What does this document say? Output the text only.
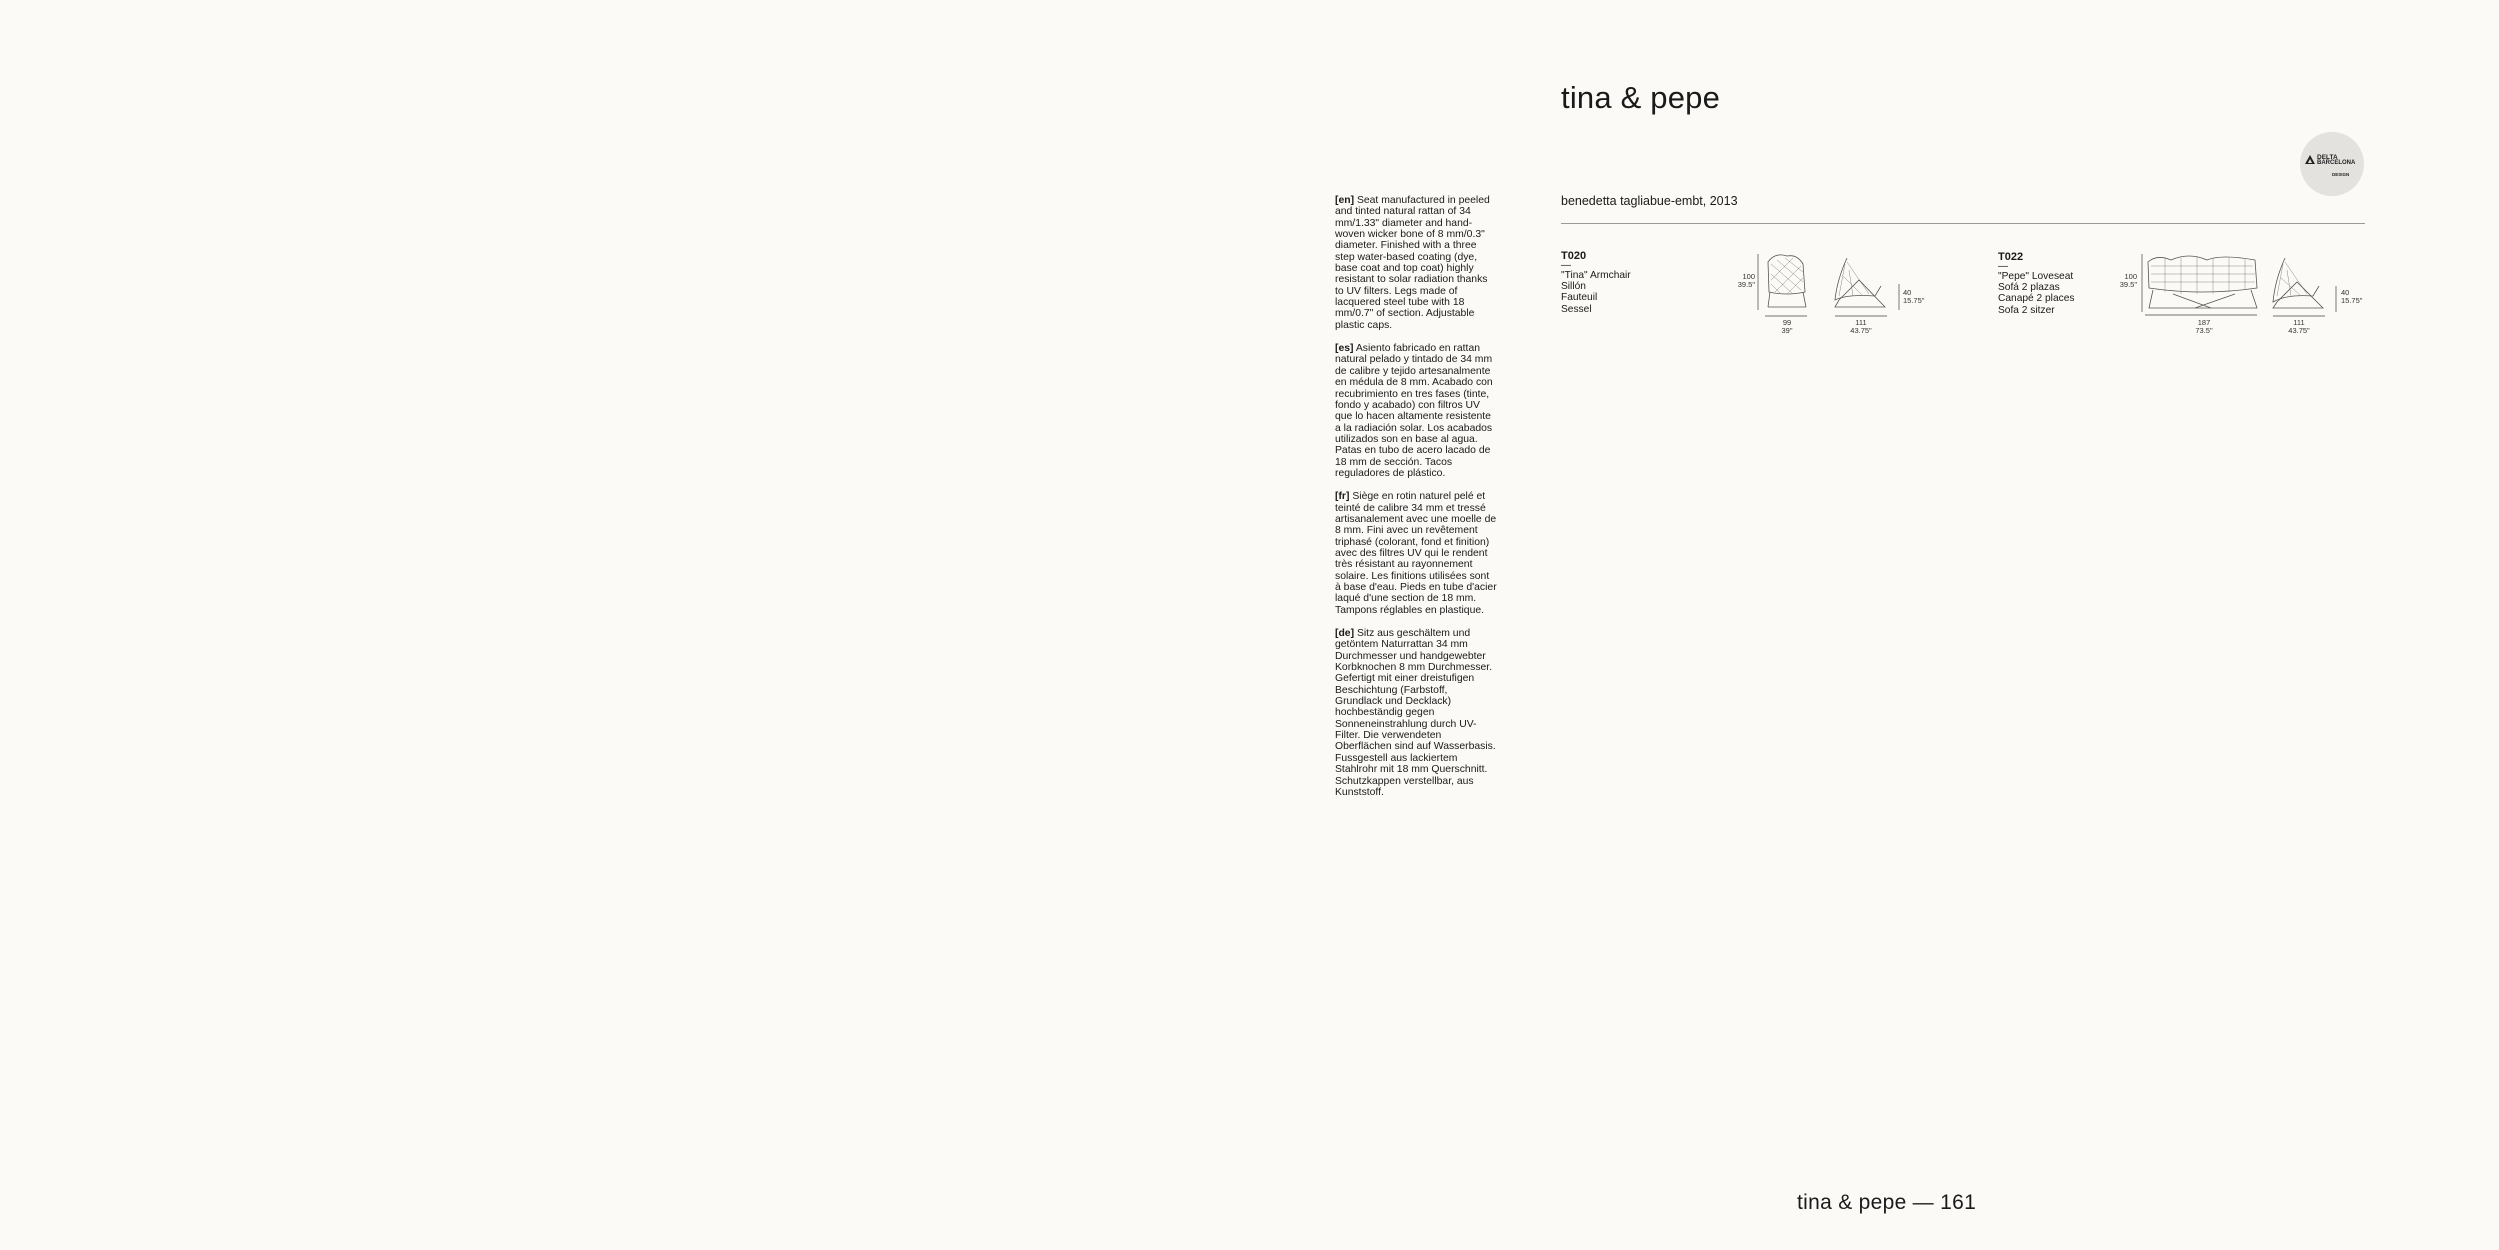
[en] Seat manufactured in peeled and tinted natural rattan of 34 mm/1.33" diameter and hand-woven wicker bone of 8 mm/0.3" diameter. Finished with a three step water-based coating (dye, base coat and top coat) highly resistant to solar radiation thanks to UV filters. Legs made of lacquered steel tube with 18 mm/0.7" of section. Adjustable plastic caps.

[es] Asiento fabricado en rattan natural pelado y tintado de 34 mm de calibre y tejido artesanalmente en médula de 8 mm. Acabado con recubrimiento en tres fases (tinte, fondo y acabado) con filtros UV que lo hacen altamente resistente a la radiación solar. Los acabados utilizados son en base al agua. Patas en tubo de acero lacado de 18 mm de sección. Tacos reguladores de plástico.

[fr] Siège en rotin naturel pelé et teinté de calibre 34 mm et tressé artisanalement avec une moelle de 8 mm. Fini avec un revêtement triphasé (colorant, fond et finition) avec des filtres UV qui le rendent très résistant au rayonnement solaire. Les finitions utilisées sont à base d'eau. Pieds en tube d'acier laqué d'une section de 18 mm. Tampons réglables en plastique.

[de] Sitz aus geschältem und getöntem Naturrattan 34 mm Durchmesser und handgewebter Korbknochen 8 mm Durchmesser. Gefertigt mit einer dreistufigen Beschichtung (Farbstoff, Grundlack und Decklack) hochbeständig gegen Sonneneinstrahlung durch UV-Filter. Die verwendeten Oberflächen sind auf Wasserbasis. Fussgestell aus lackiertem Stahlrohr mit 18 mm Querschnitt. Schutzkappen verstellbar, aus Kunststoff.

tina & pepe
benedetta tagliabue-embt, 2013
DELTA
BARCELONA
DESIGN
T020
—
"Tina" Armchair
Sillón
Fauteuil
Sessel
100
39.5"
99
39"
111
43.75"
40
15.75"
T022
—
"Pepe" Loveseat
Sofá 2 plazas
Canapé 2 places
Sofa 2 sitzer
100
39.5"
187
73.5"
111
43.75"
40
15.75"
tina & pepe — 161
